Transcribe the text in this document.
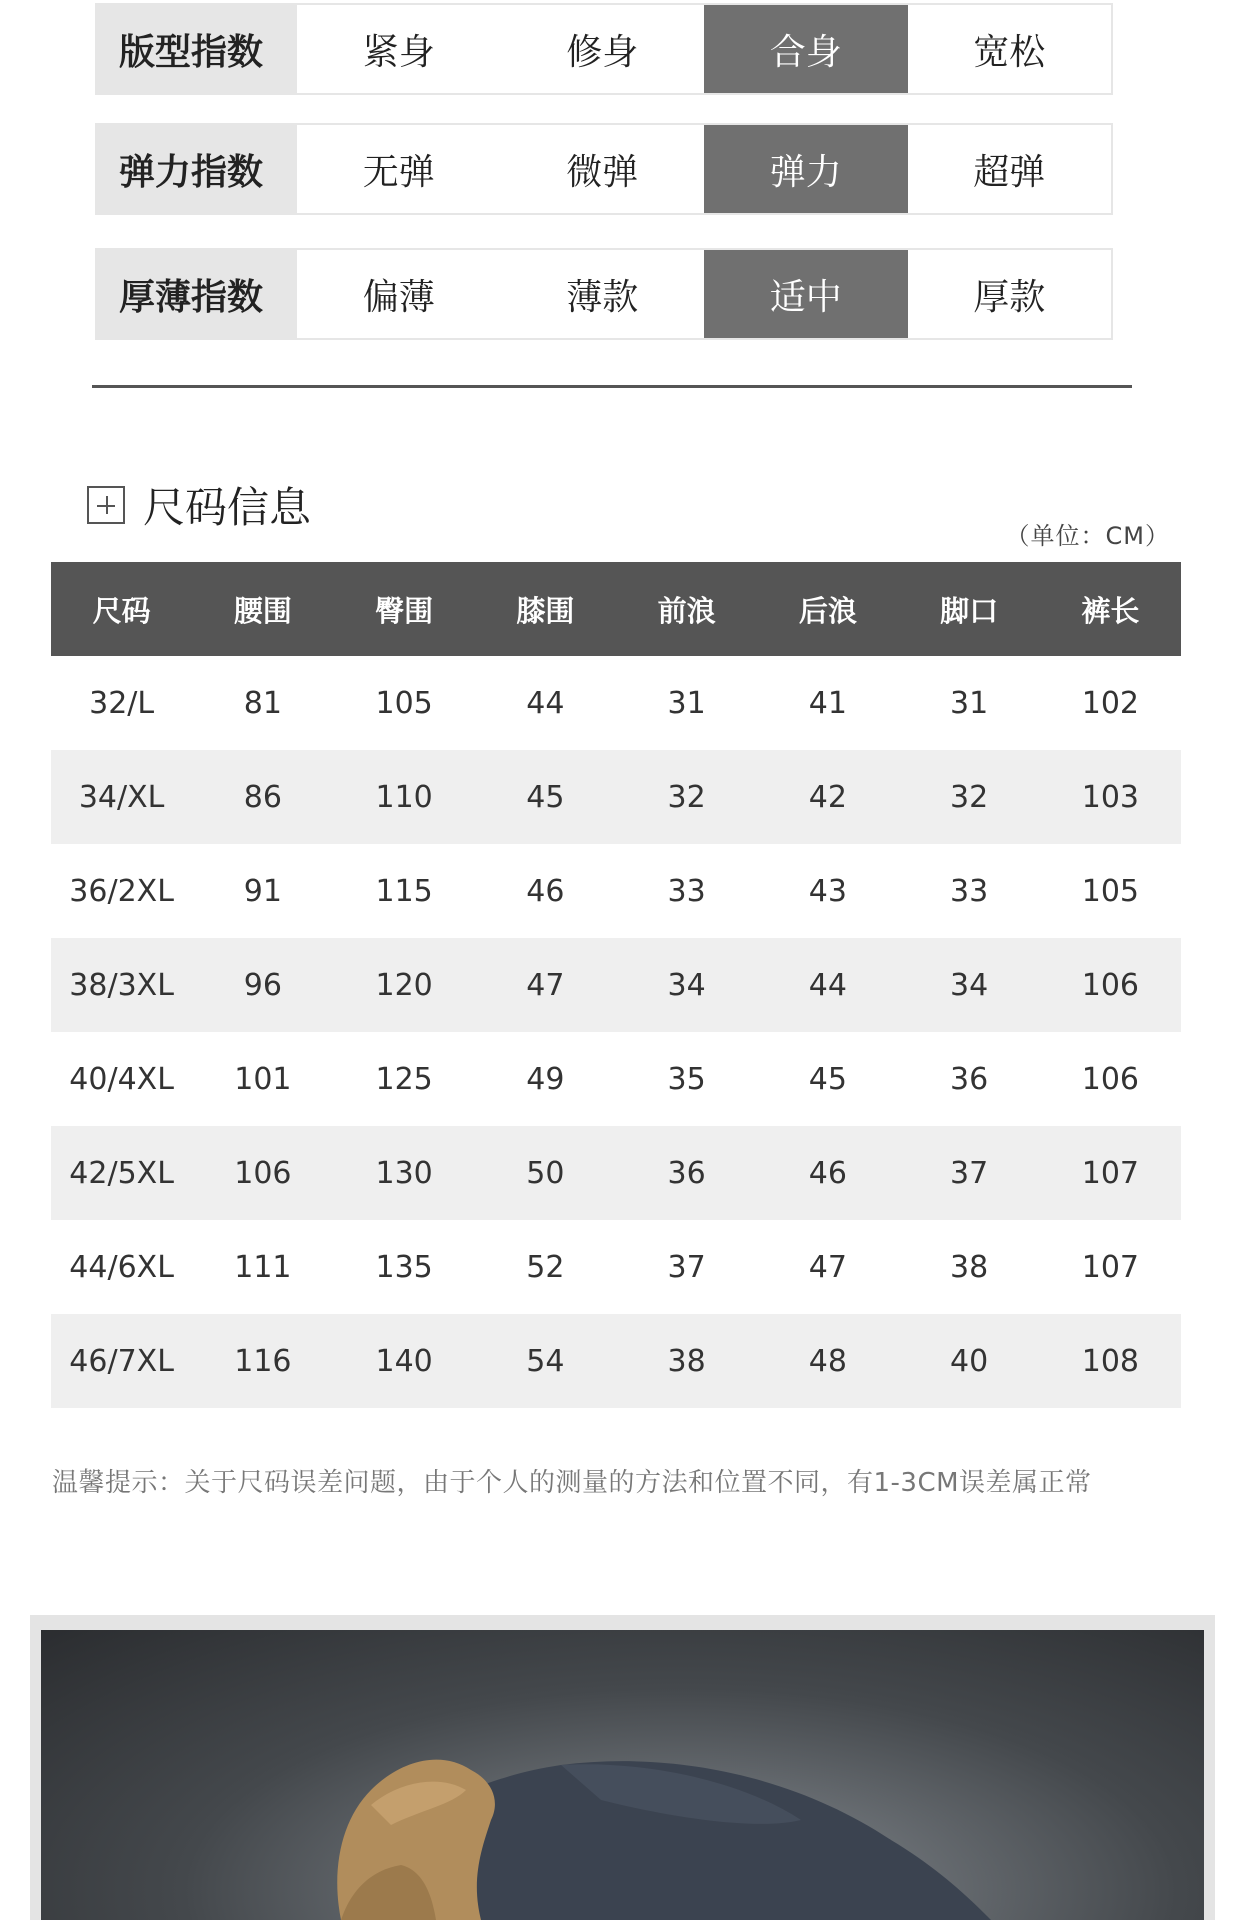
版型指数	紧身	修身	合身	宽松
弹力指数	无弹	微弹	弹力	超弹
厚薄指数	偏薄	薄款	适中	厚款
尺码信息
（单位：CM）
尺码	腰围	臀围	膝围	前浪	后浪	脚口	裤长
32/L	81	105	44	31	41	31	102
34/XL	86	110	45	32	42	32	103
36/2XL	91	115	46	33	43	33	105
38/3XL	96	120	47	34	44	34	106
40/4XL	101	125	49	35	45	36	106
42/5XL	106	130	50	36	46	37	107
44/6XL	111	135	52	37	47	38	107
46/7XL	116	140	54	38	48	40	108
温馨提示：关于尺码误差问题，由于个人的测量的方法和位置不同，有1-3CM误差属正常
